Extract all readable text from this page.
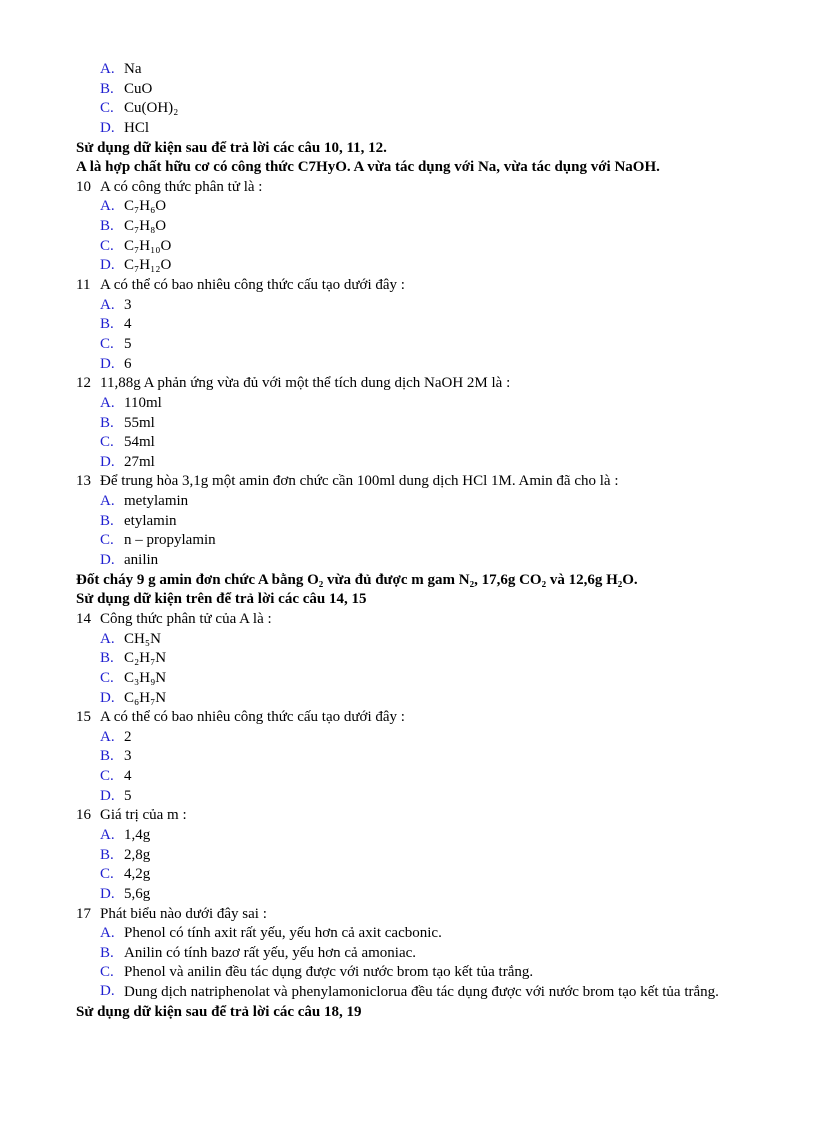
A. Na
B. CuO
C. Cu(OH)₂
D. HCl
Sử dụng dữ kiện sau để trả lời các câu 10, 11, 12.
A là hợp chất hữu cơ có công thức C7HyO. A vừa tác dụng với Na, vừa tác dụng với NaOH.
10 A có công thức phân tử là :
A. C₇H₆O
B. C₇H₈O
C. C₇H₁₀O
D. C₇H₁₂O
11 A có thể có bao nhiêu công thức cấu tạo dưới đây :
A. 3
B. 4
C. 5
D. 6
12 11,88g A phản ứng vừa đủ với một thể tích dung dịch NaOH 2M là :
A. 110ml
B. 55ml
C. 54ml
D. 27ml
13 Để trung hòa 3,1g một amin đơn chức cần 100ml dung dịch HCl 1M. Amin đã cho là :
A. metylamin
B. etylamin
C. n – propylamin
D. anilin
Đốt cháy 9 g amin đơn chức A bằng O₂ vừa đủ được m gam N₂, 17,6g CO₂ và 12,6g H₂O.
Sử dụng dữ kiện trên để trả lời các câu 14, 15
14 Công thức phân tử của A là :
A. CH₅N
B. C₂H₇N
C. C₃H₉N
D. C₆H₇N
15 A có thể có bao nhiêu công thức cấu tạo dưới đây :
A. 2
B. 3
C. 4
D. 5
16 Giá trị của m :
A. 1,4g
B. 2,8g
C. 4,2g
D. 5,6g
17 Phát biểu nào dưới đây sai :
A. Phenol có tính axit rất yếu, yếu hơn cả axit cacbonic.
B. Anilin có tính bazơ rất yếu, yếu hơn cả amoniac.
C. Phenol và anilin đều tác dụng được với nước brom tạo kết tủa trắng.
D. Dung dịch natriphenolat và phenylamoniclorua đều tác dụng được với nước brom tạo kết tủa trắng.
Sử dụng dữ kiện sau để trả lời các câu 18, 19
